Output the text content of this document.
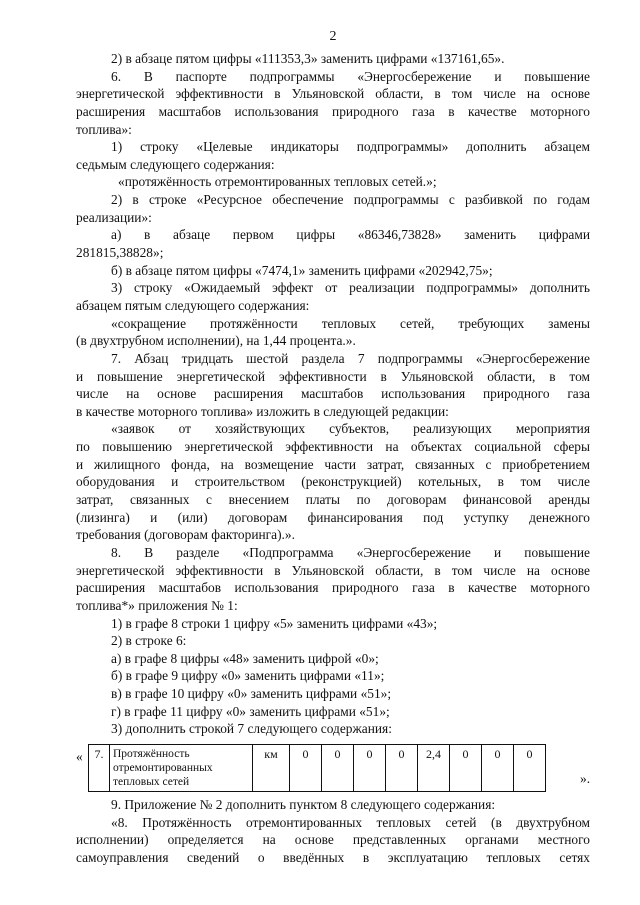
2
2) в абзаце пятом цифры «111353,3» заменить цифрами «137161,65».
6. В паспорте подпрограммы «Энергосбережение и повышение
энергетической эффективности в Ульяновской области, в том числе на основе
расширения масштабов использования природного газа в качестве моторного
топлива»:
1) строку «Целевые индикаторы подпрограммы» дополнить абзацем
седьмым следующего содержания:
«протяжённость отремонтированных тепловых сетей.»;
2) в строке «Ресурсное обеспечение подпрограммы с разбивкой по годам
реализации»:
а) в абзаце первом цифры «86346,73828» заменить цифрами
281815,38828»;
б) в абзаце пятом цифры «7474,1» заменить цифрами «202942,75»;
3) строку «Ожидаемый эффект от реализации подпрограммы» дополнить
абзацем пятым следующего содержания:
«сокращение протяжённости тепловых сетей, требующих замены
(в двухтрубном исполнении), на 1,44 процента.».
7. Абзац тридцать шестой раздела 7 подпрограммы «Энергосбережение
и повышение энергетической эффективности в Ульяновской области, в том
числе на основе расширения масштабов использования природного газа
в качестве моторного топлива» изложить в следующей редакции:
«заявок от хозяйствующих субъектов, реализующих мероприятия
по повышению энергетической эффективности на объектах социальной сферы
и жилищного фонда, на возмещение части затрат, связанных с приобретением
оборудования и строительством (реконструкцией) котельных, в том числе
затрат, связанных с внесением платы по договорам финансовой аренды
(лизинга) и (или) договорам финансирования под уступку денежного
требования (договорам факторинга).».
8. В разделе «Подпрограмма «Энергосбережение и повышение
энергетической эффективности в Ульяновской области, в том числе на основе
расширения масштабов использования природного газа в качестве моторного
топлива*» приложения № 1:
1) в графе 8 строки 1 цифру «5» заменить цифрами «43»;
2) в строке 6:
а) в графе 8 цифры «48» заменить цифрой «0»;
б) в графе 9 цифру «0» заменить цифрами «11»;
в) в графе 10 цифру «0» заменить цифрами «51»;
г) в графе 11 цифру «0» заменить цифрами «51»;
3) дополнить строкой 7 следующего содержания:
« 7.	Протяжённость отремонтированных тепловых сетей	км	0	0	0	0	2,4	0	0	0
».
9. Приложение № 2 дополнить пунктом 8 следующего содержания:
«8. Протяжённость отремонтированных тепловых сетей (в двухтрубном
исполнении) определяется на основе представленных органами местного
самоуправления сведений о введённых в эксплуатацию тепловых сетях
